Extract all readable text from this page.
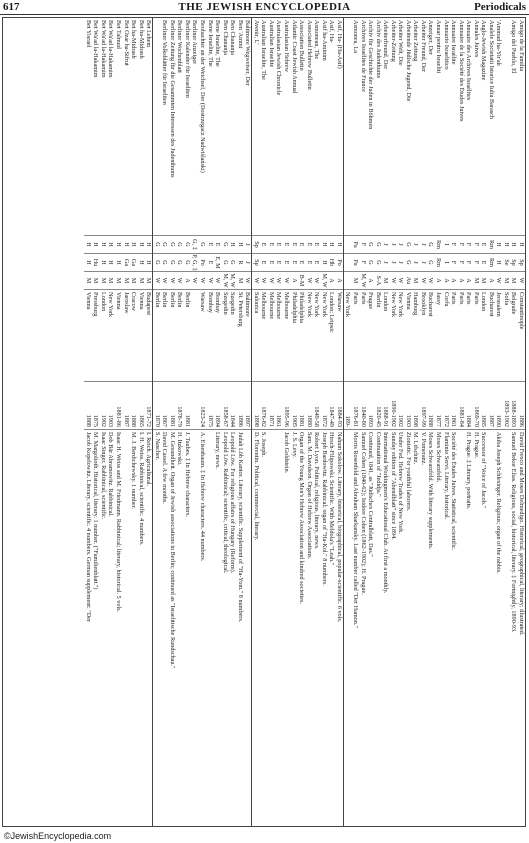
617	THE JEWISH ENCYCLOPEDIA	Periodicals
Amigo de la Familia
H
Sp
W
Constantinople
1886
David Fresco and Moses Delmedigo. Historical, geographical, literary; illustrated.
Amigo del Pueblo, El
H
Sp
M
Belgrade
1888-1893
Samuel Bekor Elias. Religious, social, historical, literary. ‡ Fortnightly, 1890-93.
H
Se
M
Sofia
1893-1902
'Ammud ha-Yir'ah
H
H
W
Jerusalem
1890
Akiba Joseph Schlesinger. Religious; organ of the rabbis.
Analele Societatii Istorice Iuliu Barasch
Rm
Rm
A
Bucharest
1887
Anglo-Jewish Magazine
E
E
M
London
1885
Successor of "Voice of Jacob."
Annales Juives
F
F
M
Paris
1869-70
H. Prague.
Annuaire des Archives Israélites
F
F
A
Paris
1884
H. Prague. ‡ Literary, portraits.
Annuaire de la Société des Études Juives
F
F
A
Paris
1881-84
Annuaire Israélite
F
F
A
Paris
1861
Société des Études Juives. Statistical, scientific.
Annuario Israelitico
I
I
A
Corfu
1872
Flaminio Servi. Literary, historical.
Anuar pentru Israeliti
Rm
Rm
A
Jassy
1877
Moses Schwarzfeld.
Anzeiger, Der
G
G
W
Bucharest
1888
Moses Schwarzfeld. With literary supplements.
Arbeiter Freund, Der
J
J
W
Brooklyn
1897-99
V. Pomeranz.
Arbeiter Zeitung
J
J
M
Hamburg
1898
M. Lifschitz.
Arbeitende Jüdische Jugend, Die
G
G
Au
Vienna
1903
Zionistic. For youthful laborers.
Arbeiter Welt, Die
J
J
W
New York
1902
Under Fed. Hebrew Trades of New York.
Arbeiter-Zeitung
J
J
W
New York
1890-1902
Sunday edition of "Abendblatt" since 1894.
Arbeiterfreund, Der
J
J
M
London
1888-91
International Workingmen's Educational Club. At first a monthly.
Archiv des Judenthums
G
G
S-A
Berlin
1820-45
Continuation of "Jedidja."
Archiv für Geschichte der Juden in Böhmen
G
G
A
Prague
1893
Continued, 1841, as "Jüdisches Centralblatt, Das."
Archives Israélites de France
F
F
M, W
Paris
1840-80
Samuel Cohen (1840-62); Isidore Cohen (1862-1902); H. Prague.
Asmonea, La
Pa
Pa
M
Paris
1876-81
Morris Rosenfeld and Abraham Sharkansky. Last number called "Der Hamon."
New York
189-
Asif, Ha- (Ha-Asif)
H
Po
A
Warsaw
1884-93
Nahum Sokolow. Literary, historical, biographical, popular-scientific. 6 vols.
Asif, Ha-
H
Hb
A
London; Leipsic
1847-49
Hirsch-Filipowski. Scientific. With Meldola's "Leah."
Asif ha-Aminim
H
H
M, W
New York
1872
Joseph Bardowitz. Rabbinical; organ of "Ha-Kol." 8 numbers.
Asmonean, The
E
E
W
New York
1849-58
Robert Lyon. Political, religious, literary, news.
Associated Hebrew Bulletin
E
E
W
New York
1880
Sam. M. Davidson. Organ of Hebrew Associations.
Association Bulletin
E
E
B-M
Philadelphia
1881
Organ of the Young Men's Hebrew Association and kindred societies.
Atlantic Coast Jewish Annual
E
E
A
Philadelphia
1905
J. S. Levy.
Australasian Hebrew
E
E
W
Melbourne
1895-96
Jacob Goldstein.
Australasian Jewish Chronicle
E
E
W
Melbourne
1861
Australian Israelite
E
E
W
Melbourne
1871
Australian Israelite, The
E
E
W
Melbourne
1876-82
S. Joseph.
Avenir, L'
Sp
Sp
W
Salonica
1898
D. Florentin. Political, commercial, literary.
Baltimore Wegweiser, Der
J
J
W
Baltimore
1897
Ben 'Ammi
H
R
M
St. Petersburg
1886
Judah Löb Kantor. Literary, scientific. Supplement of "Ha-Yom." 8 numbers.
Ben Chananja
H
G
M, W
Szegedin
1844
Leopold Löw. For religious affairs of Hungary (Reform).
Ben Chananja
G
G
M, W
Szegedin
1858-67
Leopold Löw. Rabbinical; scientific, critical, theological.
Bene Israelite, The
E
E, M
W
Bombay
1894
Literary, news.
Bene Israelite, The
E
E
W
Bombay
1875
Beobachter an der Weichsel, Der (Dostrzegacz Nadwiślański)
G
Po
W
Warsaw
1823-24
A. Eisenbaum. ‡ In Hebrew characters. 44 numbers.
Berliner Anzeiger
G, ‡
P, G, ‡
W
Berliner Kalender für Israeliten
G
G
A
Berlin
1881
J. Taubes. ‡ In Hebrew characters.
Berliner Wochenblatt
G
G
W
Berlin
1878-79
H. Itzkowski.
Berliner Zeitung für die Gesammten Interessen des Judenthums
G
G
W
Berlin
1881
M. Gesundheit. Organ of Jewish associations in Berlin; continued as "Israelitische Rundschau."
Berliner Volksblätter für Israeliten
G
G
W
Berlin
1867
David Cassel. A few months.
G
G
W
Berlin
1870
S. Nascher.
Bet Lehem
H
H
M
Budapest
1871-72
I. Reich. Agricultural.
Bet ha-Midrash
H
H
M
Vienna
1865
I. H. Weiss. Rabbinical, scientific. 4 numbers.
Bet ha-Midrash
H
Ga
M
Cracow
1888
M. J. Berdichewsky. 1 number.
Bet Ozar ha-Sifrut
H
Ga
M
Jaroslaw
1887
Bet Talmud
H
H
M
Vienna
1881-86
Isaac H. Weiss and M. Friedmann. Rabbinical; literary, historical. 5 vols.
Bet Wa'ad la-Hakamim
H
H
M
New York
1903
Dob Bär Abramowitz. Rabbinical.
Bet Wa'ad la-Hakamim
H
H
M
London
1902
Isaac Singer. Rabbinical, scientific.
Bet Wa'ad la-Hakamim
H
Hu
M
Pressburg
1875
M. Margolioth. Historical, literary. 1 number. ("Familienblatt.")
Bet Yisrael
H
H
M
Vienna
1888
Jacob Kopelowitz. Literary, scientific. 4 numbers. German supplement: "Der
©JewishEncyclopedia.com
